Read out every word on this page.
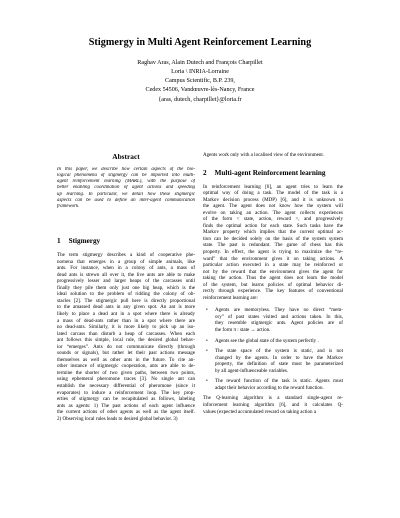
Stigmergy in Multi Agent Reinforcement Learning
Raghav Aras, Alain Dutech and François Charpillet
Loria \ INRIA-Lorraine
Campus Scientific, B.P. 239,
Cedex 54506, Vandœuvre-lès-Nancy, France
{aras, dutech, charpillet}@loria.fr
Abstract
In this paper, we describe how certain aspects of the bio-
logical phenomena of stigmergy can be imported into multi-
agent reinforcement learning (MARL), with the purpose of
better enabling coordination of agent actions and speeding
up learning. In particular, we detail how these stigmergic
aspects can be used to define an inter-agent communication
framework.
1 Stigmergy
The term stigmergy describes a kind of cooperative phe-
nomena that emerges in a group of simple animals, like
ants. For instance, when in a colony of ants, a mass of
dead ants is strewn all over it, the live ants are able to make
progressively lesser and larger heaps of the carcasses until
finally they pile them only just one big heap, which is the
ideal solution to the problem of ridding the colony of ob-
stacles [2]. The stigmergic pull here is directly proportional
to the amassed dead ants in any given spot. An ant is more
likely to place a dead ant in a spot where there is already
a mass of dead-ants rather than in a spot where there are
no dead-ants. Similarly, it is more likely to pick up an iso-
lated carcass than disturb a heap of carcasses. When each
ant follows this simple, local rule, the desired global behav-
ior “emerges”. Ants do not communicate directly (through
sounds or signals), but rather let their past actions message
themselves as well as other ants in the future. To cite an-
other instance of stigmergic cooperation, ants are able to de-
termine the shorter of two given paths, between two points,
using ephemeral pheromone traces [3]. No single ant can
establish the necessary differential of pheromone (since it
evaporates) to induce a reinforcement loop. The key prop-
erties of stigmergy can be recapitulated as follows, labeling
ants as agents: 1) The past actions of each agent influence
the current actions of other agents as well as the agent itself.
2) Observing local rules leads to desired global behavior. 3)
Agents work only with a localised view of the environment.
2 Multi-agent Reinforcement learning
In reinforcement learning [6], an agent tries to learn the
optimal way of doing a task. The model of the task is a
Markov decision process (MDP) [6], and it is unknown to
the agent. The agent does not know how the system will
evolve on taking an action. The agent collects experiences
of the form < state, action, reward >, and progressively
finds the optimal action for each state. Such tasks have the
Markov property which implies that the current optimal ac-
tion can be decided solely on the basis of the system system
state. The past is redundant. The game of chess has this
property. In effect, the agent is trying to maximize the “re-
ward” that the environment gives it on taking actions. A
particular action executed in a state may be reinforced or
not by the reward that the environment gives the agent for
taking the action. Thus the agent does not learn the model
of the system, but learns policies of optimal behavior di-
rectly through experience. The key features of conventional
reinforcement learning are:
• Agents are memoryless. They have no direct “mem-
ory” of past states visited and actions taken. In this,
they resemble stigmergic ants. Agent policies are of
the form π : state → action.
• Agents see the global state of the system perfectly .
• The state space of the system is static, and is not
changed by the agents. In order to have the Markov
property, the definition of state must be parameterized
by all agent-influenceable variables.
• The reward function of the task is static. Agents must
adapt their behavior according to the reward function.
The Q-learning algorithm is a standard single-agent re-
inforcement learning algorithm [6], and it calculates Q-
values (expected accumulated reward on taking action a
